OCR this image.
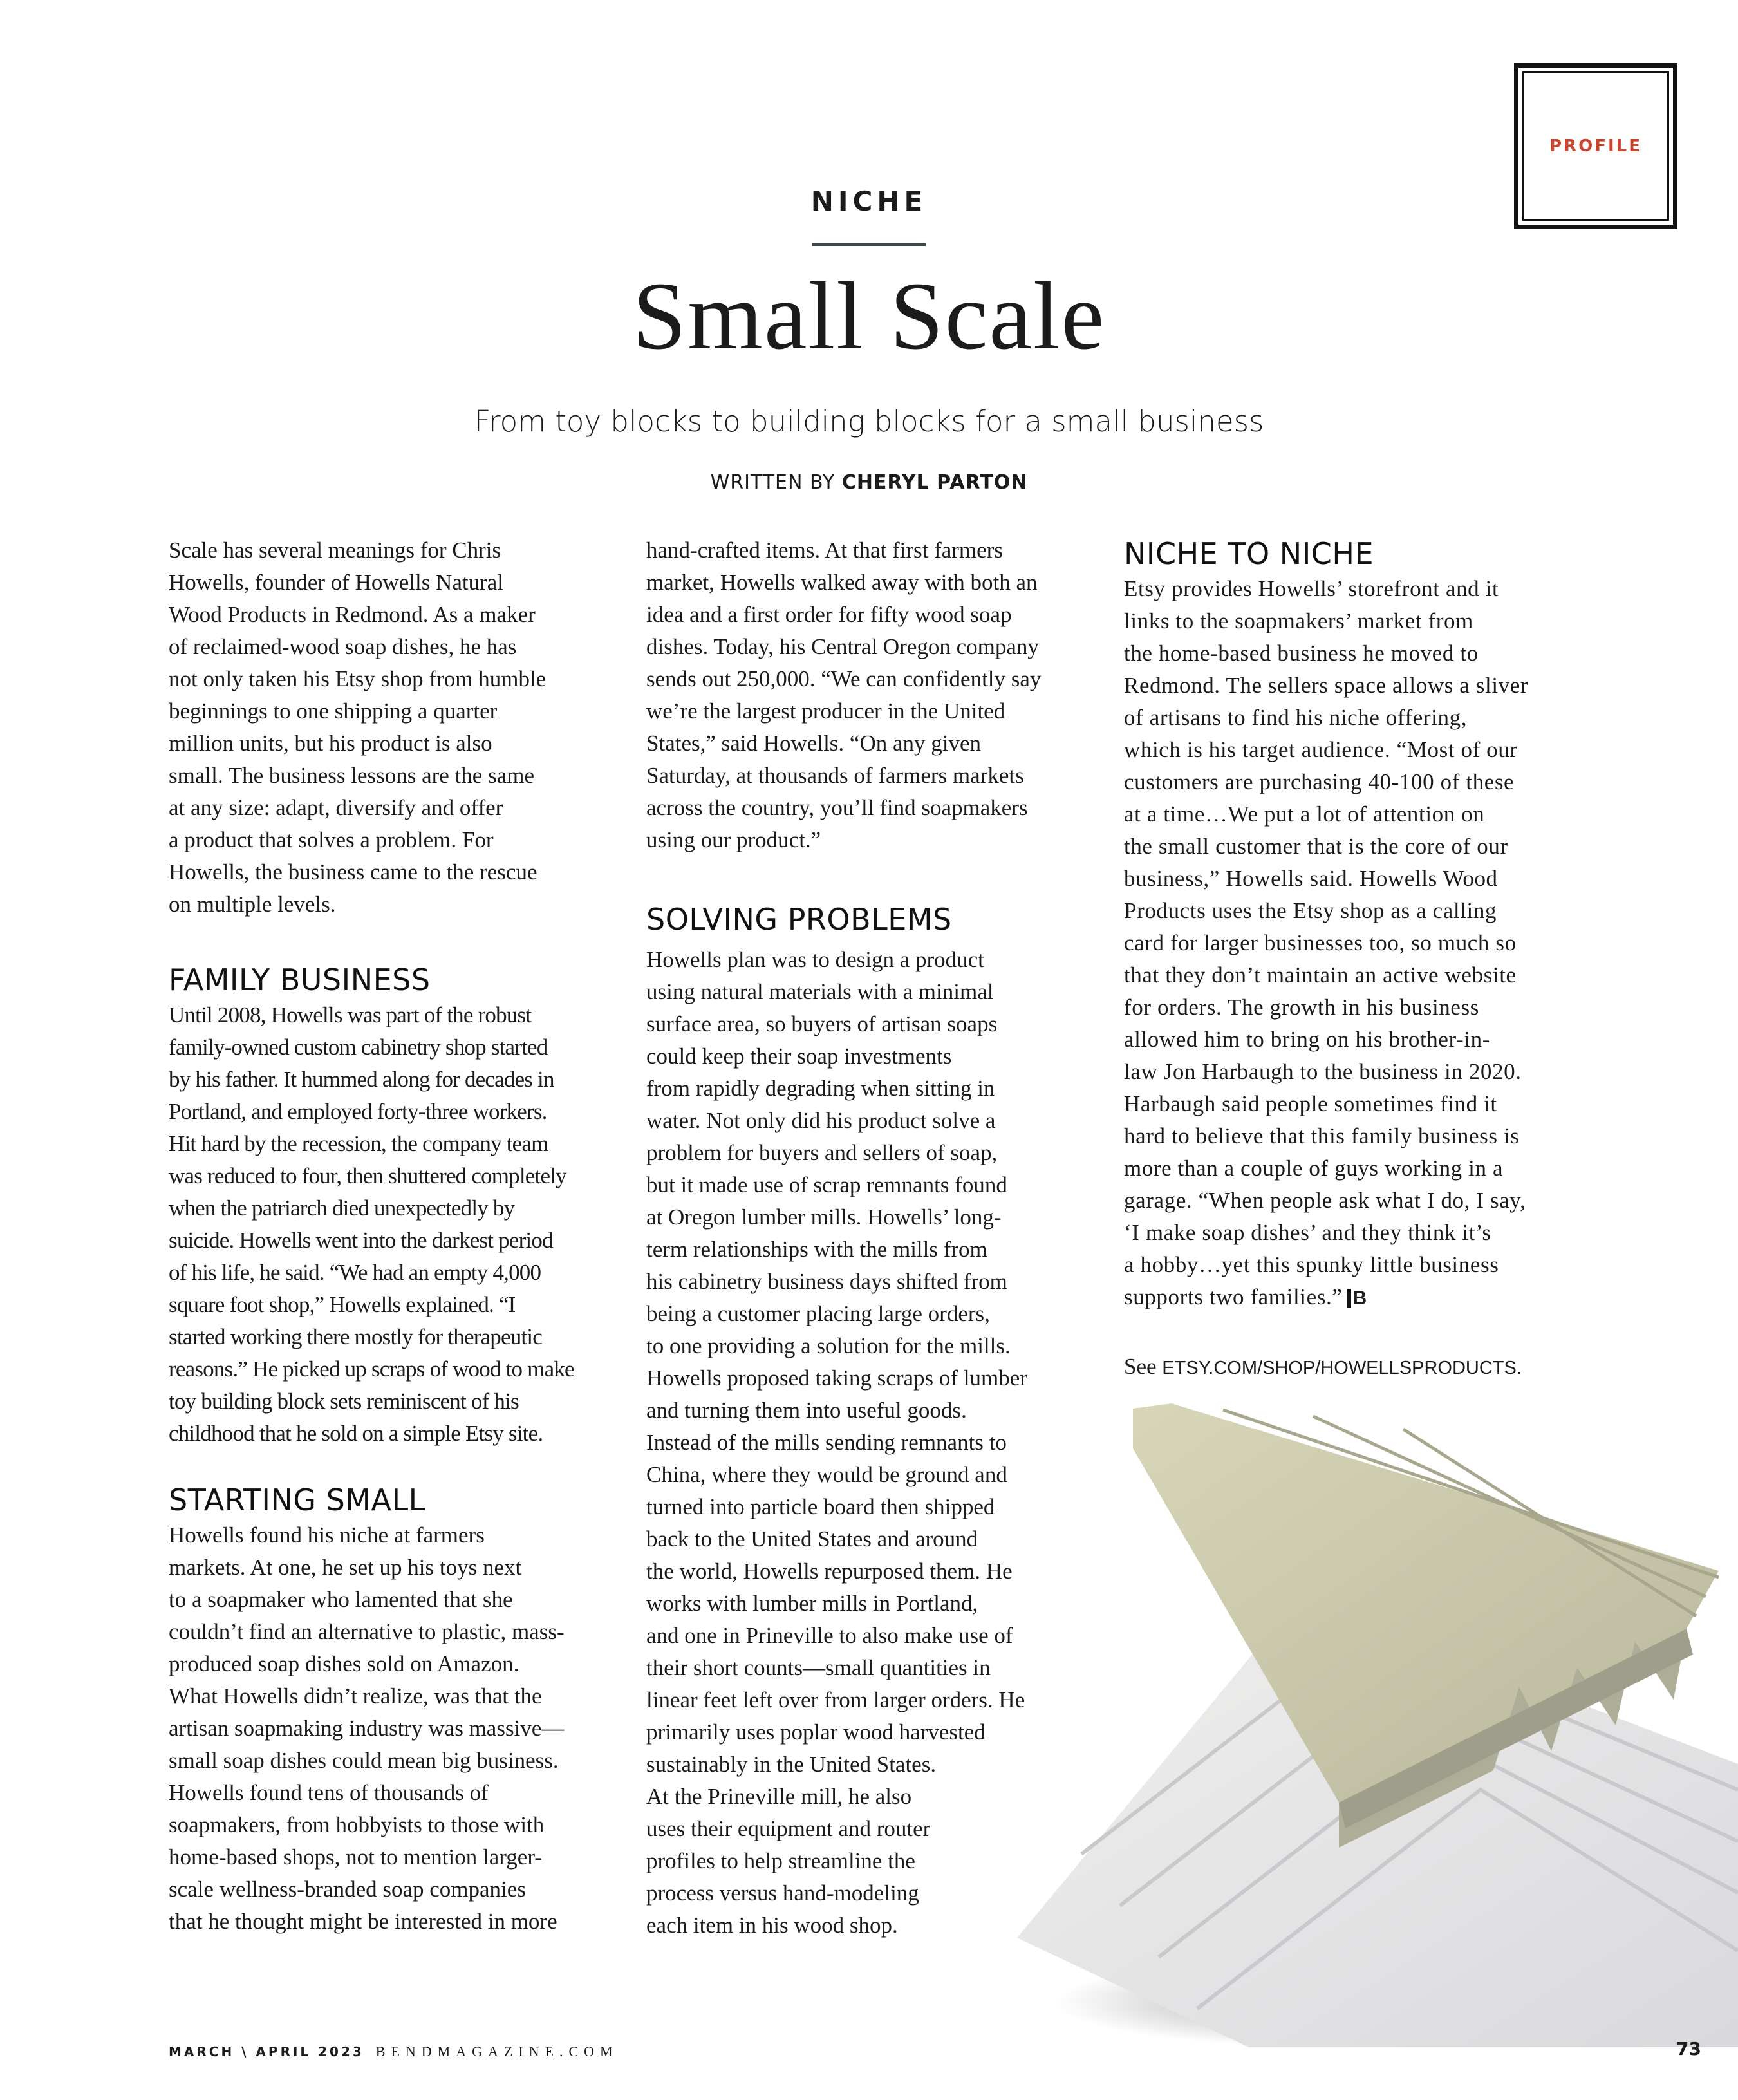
PROFILE
NICHE
Small Scale
From toy blocks to building blocks for a small business
WRITTEN BY CHERYL PARTON
Scale has several meanings for Chris
Howells, founder of Howells Natural
Wood Products in Redmond. As a maker
of reclaimed-wood soap dishes, he has
not only taken his Etsy shop from humble
beginnings to one shipping a quarter
million units, but his product is also
small. The business lessons are the same
at any size: adapt, diversify and offer
a product that solves a problem. For
Howells, the business came to the rescue
on multiple levels.
FAMILY BUSINESS
Until 2008, Howells was part of the robust
family-owned custom cabinetry shop started
by his father. It hummed along for decades in
Portland, and employed forty-three workers.
Hit hard by the recession, the company team
was reduced to four, then shuttered completely
when the patriarch died unexpectedly by
suicide. Howells went into the darkest period
of his life, he said. “We had an empty 4,000
square foot shop,” Howells explained. “I
started working there mostly for therapeutic
reasons.” He picked up scraps of wood to make
toy building block sets reminiscent of his
childhood that he sold on a simple Etsy site.
STARTING SMALL
Howells found his niche at farmers
markets. At one, he set up his toys next
to a soapmaker who lamented that she
couldn’t find an alternative to plastic, mass-
produced soap dishes sold on Amazon.
What Howells didn’t realize, was that the
artisan soapmaking industry was massive—
small soap dishes could mean big business.
Howells found tens of thousands of
soapmakers, from hobbyists to those with
home-based shops, not to mention larger-
scale wellness-branded soap companies
that he thought might be interested in more
hand-crafted items. At that first farmers
market, Howells walked away with both an
idea and a first order for fifty wood soap
dishes. Today, his Central Oregon company
sends out 250,000. “We can confidently say
we’re the largest producer in the United
States,” said Howells. “On any given
Saturday, at thousands of farmers markets
across the country, you’ll find soapmakers
using our product.”
SOLVING PROBLEMS
Howells plan was to design a product
using natural materials with a minimal
surface area, so buyers of artisan soaps
could keep their soap investments
from rapidly degrading when sitting in
water. Not only did his product solve a
problem for buyers and sellers of soap,
but it made use of scrap remnants found
at Oregon lumber mills. Howells’ long-
term relationships with the mills from
his cabinetry business days shifted from
being a customer placing large orders,
to one providing a solution for the mills.
Howells proposed taking scraps of lumber
and turning them into useful goods.
Instead of the mills sending remnants to
China, where they would be ground and
turned into particle board then shipped
back to the United States and around
the world, Howells repurposed them. He
works with lumber mills in Portland,
and one in Prineville to also make use of
their short counts—small quantities in
linear feet left over from larger orders. He
primarily uses poplar wood harvested
sustainably in the United States.
At the Prineville mill, he also
uses their equipment and router
profiles to help streamline the
process versus hand-modeling
each item in his wood shop.
NICHE TO NICHE
Etsy provides Howells’ storefront and it
links to the soapmakers’ market from
the home-based business he moved to
Redmond. The sellers space allows a sliver
of artisans to find his niche offering,
which is his target audience. “Most of our
customers are purchasing 40-100 of these
at a time…We put a lot of attention on
the small customer that is the core of our
business,” Howells said. Howells Wood
Products uses the Etsy shop as a calling
card for larger businesses too, so much so
that they don’t maintain an active website
for orders. The growth in his business
allowed him to bring on his brother-in-
law Jon Harbaugh to the business in 2020.
Harbaugh said people sometimes find it
hard to believe that this family business is
more than a couple of guys working in a
garage. “When people ask what I do, I say,
‘I make soap dishes’ and they think it’s
a hobby…yet this spunky little business
supports two families.” B
See ETSY.COM/SHOP/HOWELLSPRODUCTS.
MARCH \ APRIL 2023 BENDMAGAZINE.COM	73
